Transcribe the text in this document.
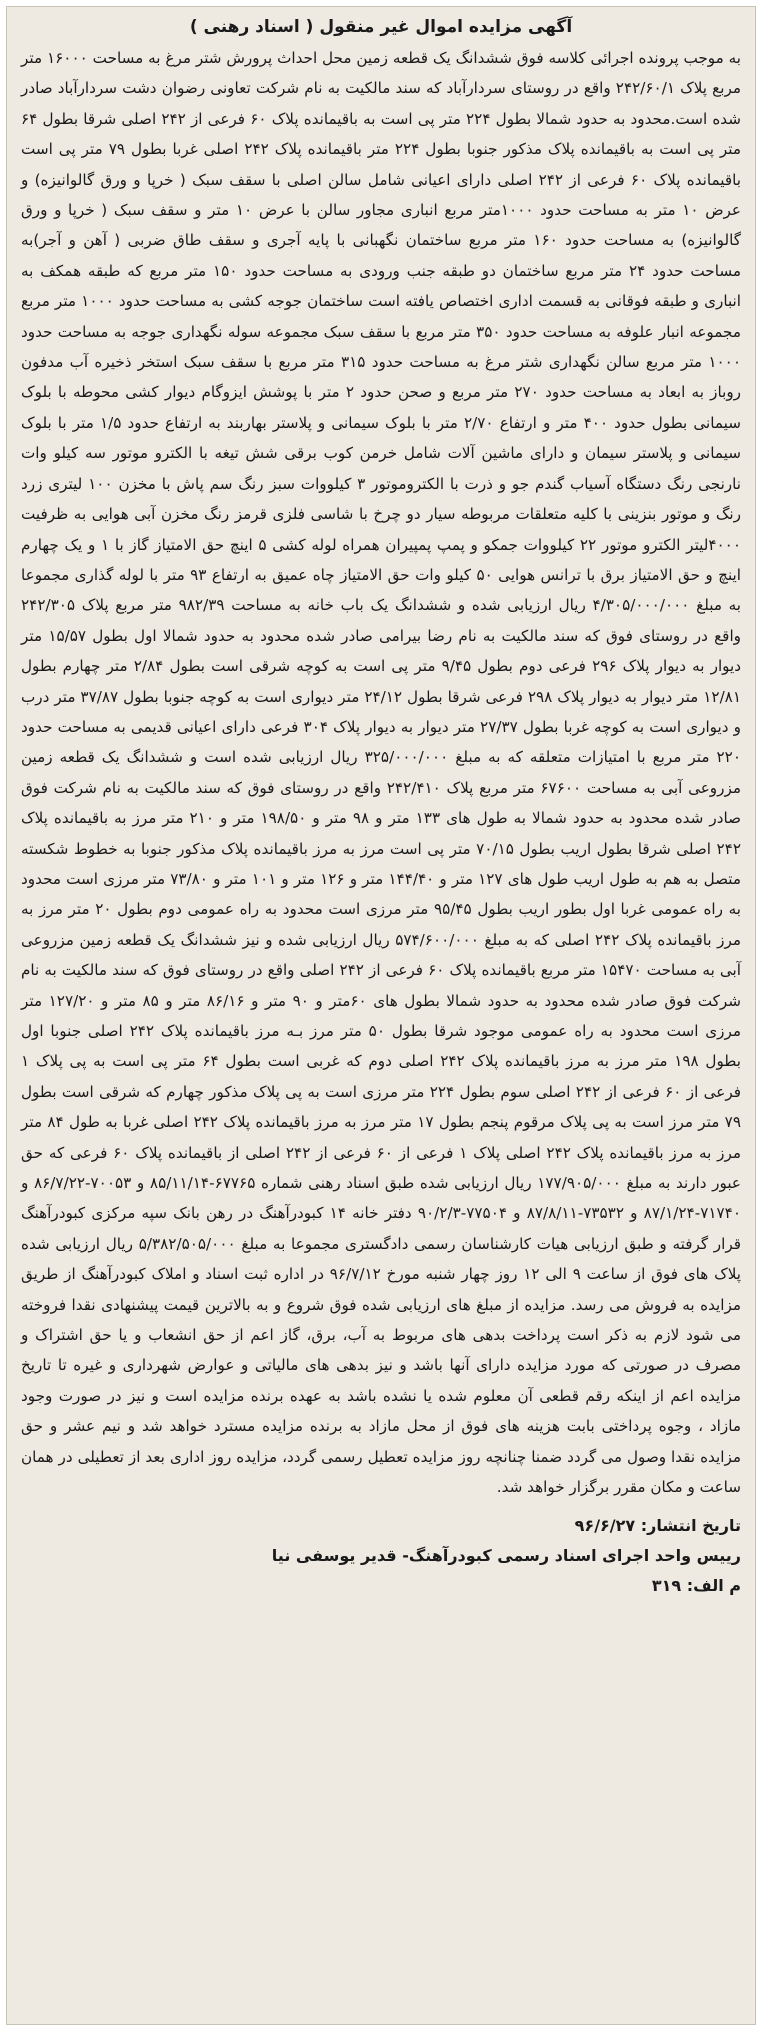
آگهی مزایده اموال غیر منقول ( اسناد رهنی )

به موجب پرونده اجرائی کلاسه فوق ششدانگ یک قطعه زمین محل احداث پرورش شتر مرغ به مساحت ۱۶۰۰۰ متر مربع پلاک ۲۴۲/۶۰/۱ واقع در روستای سردارآباد که سند مالکیت به نام شرکت تعاونی رضوان دشت سردارآباد صادر شده است.محدود به حدود شمالا بطول ۲۲۴ متر پی است به باقیمانده پلاک ۶۰ فرعی از ۲۴۲ اصلی شرقا بطول ۶۴ متر پی است به باقیمانده پلاک مذکور جنوبا بطول ۲۲۴ متر باقیمانده پلاک ۲۴۲ اصلی غربا بطول ۷۹ متر پی است باقیمانده پلاک ۶۰ فرعی از ۲۴۲ اصلی دارای اعیانی شامل سالن اصلی با سقف سبک ( خرپا و ورق گالوانیزه) و عرض ۱۰ متر به مساحت حدود ۱۰۰۰متر مربع انباری مجاور سالن با عرض ۱۰ متر و سقف سبک ( خرپا و ورق گالوانیزه) به مساحت حدود ۱۶۰ متر مربع ساختمان نگهبانی با پایه آجری و سقف طاق ضربی ( آهن و آجر)به مساحت حدود ۲۴ متر مربع ساختمان دو طبقه جنب ورودی به مساحت حدود ۱۵۰ متر مربع که طبقه همکف به انباری و طبقه فوقانی به قسمت اداری اختصاص یافته است ساختمان جوجه کشی به مساحت حدود ۱۰۰۰ متر مربع مجموعه انبار علوفه به مساحت حدود ۳۵۰ متر مربع با سقف سبک مجموعه سوله نگهداری جوجه به مساحت حدود ۱۰۰۰ متر مربع سالن نگهداری شتر مرغ به مساحت حدود ۳۱۵ متر مربع با سقف سبک استخر ذخیره آب مدفون روباز به ابعاد به مساحت حدود ۲۷۰ متر مربع و صحن حدود ۲ متر با پوشش ایزوگام دیوار کشی محوطه با بلوک سیمانی بطول حدود ۴۰۰ متر و ارتفاع ۲/۷۰ متر با بلوک سیمانی و پلاستر بهاربند به ارتفاع حدود ۱/۵ متر با بلوک سیمانی و پلاستر سیمان و دارای ماشین آلات شامل خرمن کوب برقی شش تیغه با الکترو موتور سه کیلو وات نارنجی رنگ دستگاه آسیاب گندم جو و ذرت با الکتروموتور ۳ کیلووات سبز رنگ سم پاش با مخزن ۱۰۰ لیتری زرد رنگ و موتور بنزینی با کلیه متعلقات مربوطه سیار دو چرخ با شاسی فلزی قرمز رنگ مخزن آبی هوایی به ظرفیت ۴۰۰۰لیتر الکترو موتور ۲۲ کیلووات جمکو و پمپ پمپیران همراه لوله کشی ۵ اینچ حق الامتیاز گاز با ۱ و یک چهارم اینچ و حق الامتیاز برق با ترانس هوایی ۵۰ کیلو وات حق الامتیاز چاه عمیق به ارتفاع ۹۳ متر با لوله گذاری مجموعا به مبلغ ۴/۳۰۵/۰۰۰/۰۰۰ ریال ارزیابی شده و ششدانگ یک باب خانه به مساحت ۹۸۲/۳۹ متر مربع پلاک ۲۴۲/۳۰۵ واقع در روستای فوق که سند مالکیت به نام رضا بیرامی صادر شده محدود به حدود شمالا اول بطول ۱۵/۵۷ متر دیوار به دیوار پلاک ۲۹۶ فرعی دوم بطول ۹/۴۵ متر پی است به کوچه شرقی است بطول ۲/۸۴ متر چهارم بطول ۱۲/۸۱ متر دیوار به دیوار پلاک ۲۹۸ فرعی شرقا بطول ۲۴/۱۲ متر دیواری است به کوچه جنوبا بطول ۳۷/۸۷ متر درب و دیواری است به کوچه غربا بطول ۲۷/۳۷ متر دیوار به دیوار پلاک ۳۰۴ فرعی دارای اعیانی قدیمی به مساحت حدود ۲۲۰ متر مربع با امتیازات متعلقه که به مبلغ ۳۲۵/۰۰۰/۰۰۰ ریال ارزیابی شده است و ششدانگ یک قطعه زمین مزروعی آبی به مساحت ۶۷۶۰۰ متر مربع پلاک ۲۴۲/۴۱۰ واقع در روستای فوق که سند مالکیت به نام شرکت فوق صادر شده محدود به حدود شمالا به طول های ۱۳۳ متر و ۹۸ متر و ۱۹۸/۵۰ متر و ۲۱۰ متر مرز به باقیمانده پلاک ۲۴۲ اصلی شرقا بطول اریب بطول ۷۰/۱۵ متر پی است مرز به مرز باقیمانده پلاک مذکور جنوبا به خطوط شکسته متصل به هم به طول اریب طول های ۱۲۷ متر و ۱۴۴/۴۰ متر و ۱۲۶ متر و ۱۰۱ متر و ۷۳/۸۰ متر مرزی است محدود به راه عمومی غربا اول بطور اریب بطول ۹۵/۴۵ متر مرزی است محدود به راه عمومی دوم بطول ۲۰ متر مرز به مرز باقیمانده پلاک ۲۴۲ اصلی که به مبلغ ۵۷۴/۶۰۰/۰۰۰ ریال ارزیابی شده و نیز ششدانگ یک قطعه زمین مزروعی آبی به مساحت ۱۵۴۷۰ متر مربع باقیمانده پلاک ۶۰ فرعی از ۲۴۲ اصلی واقع در روستای فوق که سند مالکیت به نام شرکت فوق صادر شده محدود به حدود شمالا بطول های ۶۰متر و ۹۰ متر و ۸۶/۱۶ متر و ۸۵ متر و ۱۲۷/۲۰ متر مرزی است محدود به راه عمومی موجود شرقا بطول ۵۰ متر مرز بـه مرز باقیمانده پلاک ۲۴۲ اصلی جنوبا اول بطول ۱۹۸ متر مرز به مرز باقیمانده پلاک ۲۴۲ اصلی دوم که غربی است بطول ۶۴ متر پی است به پی پلاک ۱ فرعی از ۶۰ فرعی از ۲۴۲ اصلی سوم بطول ۲۲۴ متر مرزی است به پی پلاک مذکور چهارم که شرقی است بطول ۷۹ متر مرز است به پی پلاک مرقوم پنجم بطول ۱۷ متر مرز به مرز باقیمانده پلاک ۲۴۲ اصلی غربا به طول ۸۴ متر مرز به مرز باقیمانده پلاک ۲۴۲ اصلی پلاک ۱ فرعی از ۶۰ فرعی از ۲۴۲ اصلی از باقیمانده پلاک ۶۰ فرعی که حق عبور دارند به مبلغ ۱۷۷/۹۰۵/۰۰۰ ریال ارزیابی شده طبق اسناد رهنی شماره ۶۷۷۶۵-۸۵/۱۱/۱۴ و ۷۰۰۵۳-۸۶/۷/۲۲ و ۷۱۷۴۰-۸۷/۱/۲۴ و ۷۳۵۳۲-۸۷/۸/۱۱ و ۷۷۵۰۴-۹۰/۲/۳ دفتر خانه ۱۴ کبودرآهنگ در رهن بانک سپه مرکزی کبودرآهنگ قرار گرفته و طبق ارزیابی هیات کارشناسان رسمی دادگستری مجموعا به مبلغ ۵/۳۸۲/۵۰۵/۰۰۰ ریال ارزیابی شده پلاک های فوق از ساعت ۹ الی ۱۲ روز چهار شنبه مورخ ۹۶/۷/۱۲ در اداره ثبت اسناد و املاک کبودرآهنگ از طریق مزایده به فروش می رسد. مزایده از مبلغ های ارزیابی شده فوق شروع و به بالاترین قیمت پیشنهادی نقدا فروخته می شود لازم به ذکر است پرداخت بدهی های مربوط به آب، برق، گاز اعم از حق انشعاب و یا حق اشتراک و مصرف در صورتی که مورد مزایده دارای آنها باشد و نیز بدهی های مالیاتی و عوارض شهرداری و غیره تا تاریخ مزایده اعم از اینکه رقم قطعی آن معلوم شده یا نشده باشد به عهده برنده مزایده است و نیز در صورت وجود مازاد ، وجوه پرداختی بابت هزینه های فوق از محل مازاد به برنده مزایده مسترد خواهد شد و نیم عشر و حق مزایده نقدا وصول می گردد ضمنا چنانچه روز مزایده تعطیل رسمی گردد، مزایده روز اداری بعد از تعطیلی در همان ساعت و مکان مقرر برگزار خواهد شد.

تاریخ انتشار: ۹۶/۶/۲۷
رییس واحد اجرای اسناد رسمی کبودرآهنگ- قدیر یوسفی نیا
م الف: ۳۱۹
